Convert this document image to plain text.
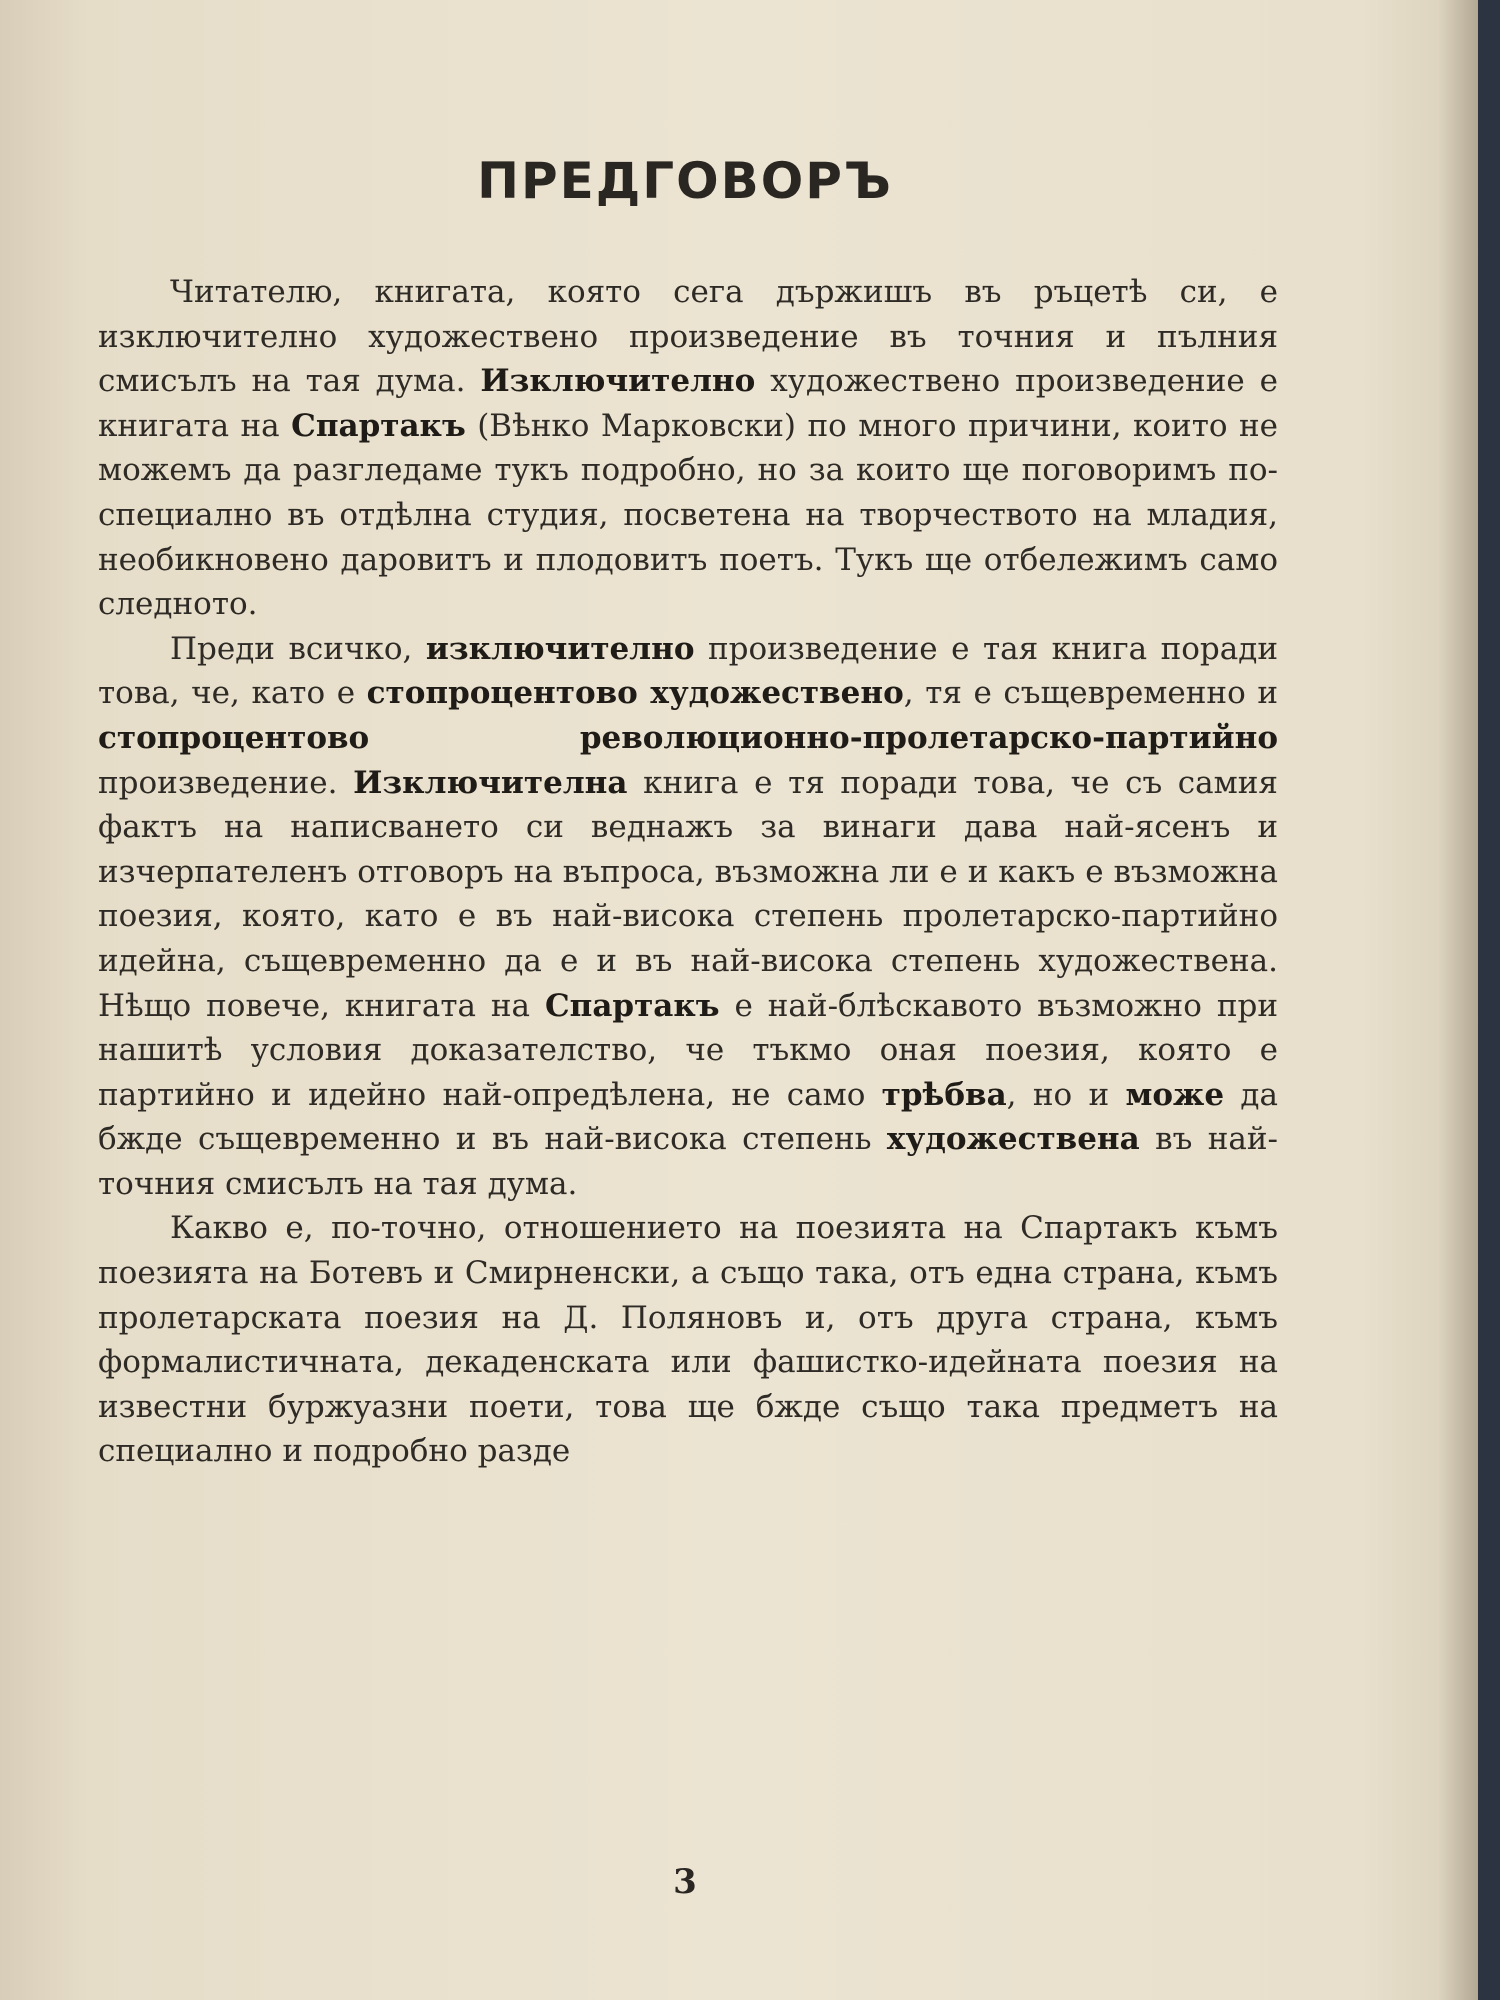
ПРЕДГОВОРЪ

Читателю, книгата, която сега държишъ въ ръцетѣ си, е изключително художествено произведение въ точния и пълния смисълъ на тая дума. Изключително художествено произведение е книгата на Спартакъ (Вѣнко Марковски) по много причини, които не можемъ да разгледаме тукъ подробно, но за които ще поговоримъ по-специално въ отдѣлна студия, посветена на творчеството на младия, необикновено даровитъ и плодовитъ поетъ. Тукъ ще отбележимъ само следното.

Преди всичко, изключително произведение е тая книга поради това, че, като е стопроцентово художествено, тя е същевременно и стопроцентово революционно-пролетарско-партийно произведение. Изключителна книга е тя поради това, че съ самия фактъ на написването си веднажъ за винаги дава най-ясенъ и изчерпателенъ отговоръ на въпроса, възможна ли е и какъ е възможна поезия, която, като е въ най-висока степень пролетарско-партийно идейна, същевременно да е и въ най-висока степень художествена. Нѣщо повече, книгата на Спартакъ е най-блѣскавото възможно при нашитѣ условия доказателство, че тъкмо оная поезия, която е партийно и идейно най-опредѣлена, не само трѣбва, но и може да бжде същевременно и въ най-висока степень художествена въ най-точния смисълъ на тая дума.

Какво е, по-точно, отношението на поезията на Спартакъ къмъ поезията на Ботевъ и Смирненски, а също така, отъ една страна, къмъ пролетарската поезия на Д. Поляновъ и, отъ друга страна, къмъ формалистичната, декаденската или фашистко-идейната поезия на известни буржуазни поети, това ще бжде също така предметъ на специално и подробно разде

3
